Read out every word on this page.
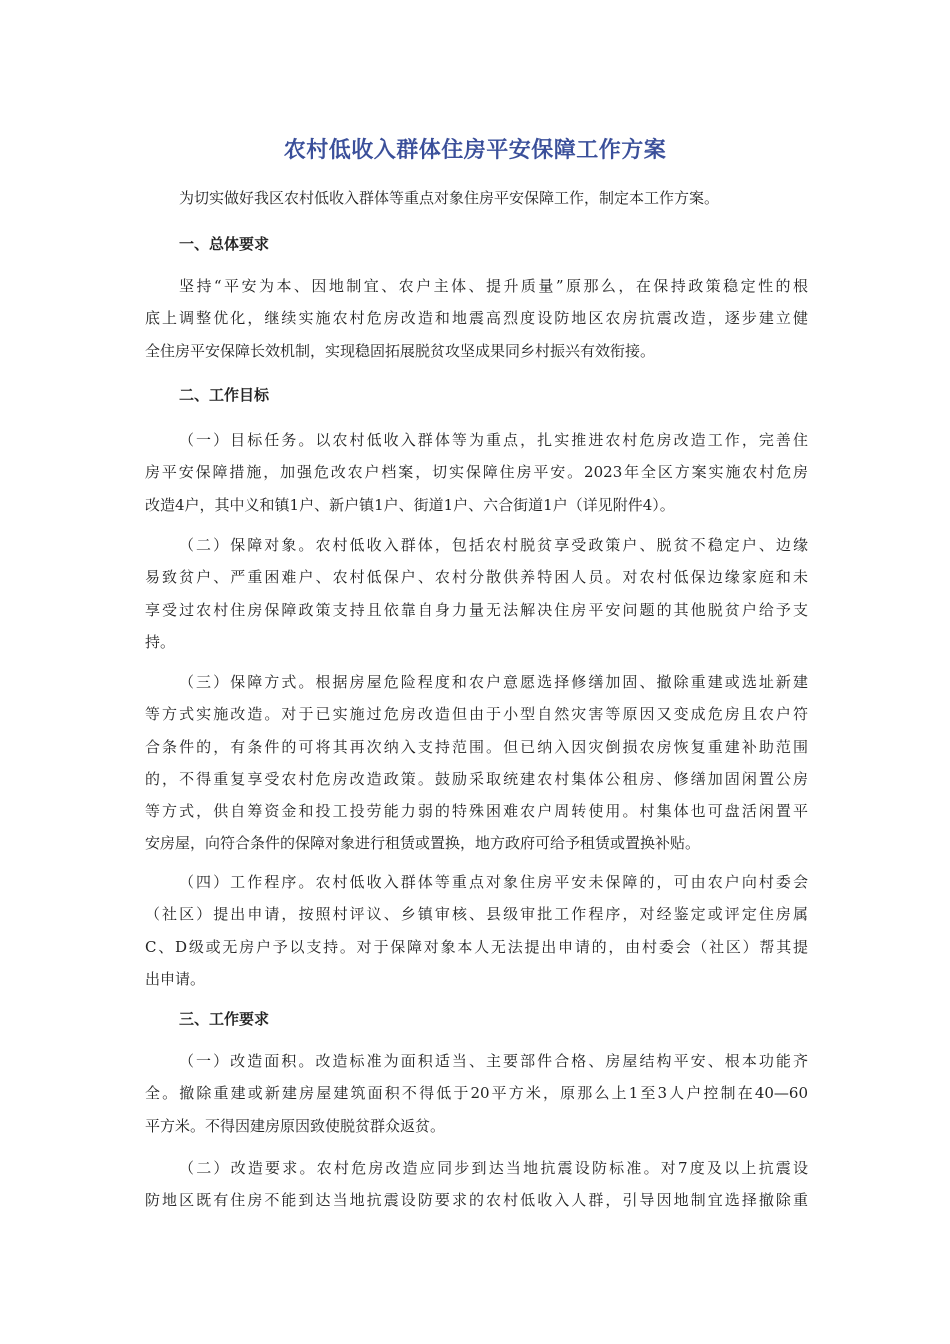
农村低收入群体住房平安保障工作方案
为切实做好我区农村低收入群体等重点对象住房平安保障工作，制定本工作方案。
一、总体要求
坚持“平安为本、因地制宜、农户主体、提升质量”原那么，在保持政策稳定性的根
底上调整优化，继续实施农村危房改造和地震高烈度设防地区农房抗震改造，逐步建立健
全住房平安保障长效机制，实现稳固拓展脱贫攻坚成果同乡村振兴有效衔接。
二、工作目标
（一）目标任务。以农村低收入群体等为重点，扎实推进农村危房改造工作，完善住
房平安保障措施，加强危改农户档案，切实保障住房平安。2023年全区方案实施农村危房
改造4户，其中义和镇1户、新户镇1户、街道1户、六合街道1户（详见附件4）。
（二）保障对象。农村低收入群体，包括农村脱贫享受政策户、脱贫不稳定户、边缘
易致贫户、严重困难户、农村低保户、农村分散供养特困人员。对农村低保边缘家庭和未
享受过农村住房保障政策支持且依靠自身力量无法解决住房平安问题的其他脱贫户给予支
持。
（三）保障方式。根据房屋危险程度和农户意愿选择修缮加固、撤除重建或选址新建
等方式实施改造。对于已实施过危房改造但由于小型自然灾害等原因又变成危房且农户符
合条件的，有条件的可将其再次纳入支持范围。但已纳入因灾倒损农房恢复重建补助范围
的，不得重复享受农村危房改造政策。鼓励采取统建农村集体公租房、修缮加固闲置公房
等方式，供自筹资金和投工投劳能力弱的特殊困难农户周转使用。村集体也可盘活闲置平
安房屋，向符合条件的保障对象进行租赁或置换，地方政府可给予租赁或置换补贴。
（四）工作程序。农村低收入群体等重点对象住房平安未保障的，可由农户向村委会
（社区）提出申请，按照村评议、乡镇审核、县级审批工作程序，对经鉴定或评定住房属
C、D级或无房户予以支持。对于保障对象本人无法提出申请的，由村委会（社区）帮其提
出申请。
三、工作要求
（一）改造面积。改造标准为面积适当、主要部件合格、房屋结构平安、根本功能齐
全。撤除重建或新建房屋建筑面积不得低于20平方米，原那么上1至3人户控制在40—60
平方米。不得因建房原因致使脱贫群众返贫。
（二）改造要求。农村危房改造应同步到达当地抗震设防标准。对7度及以上抗震设
防地区既有住房不能到达当地抗震设防要求的农村低收入人群，引导因地制宜选择撤除重
